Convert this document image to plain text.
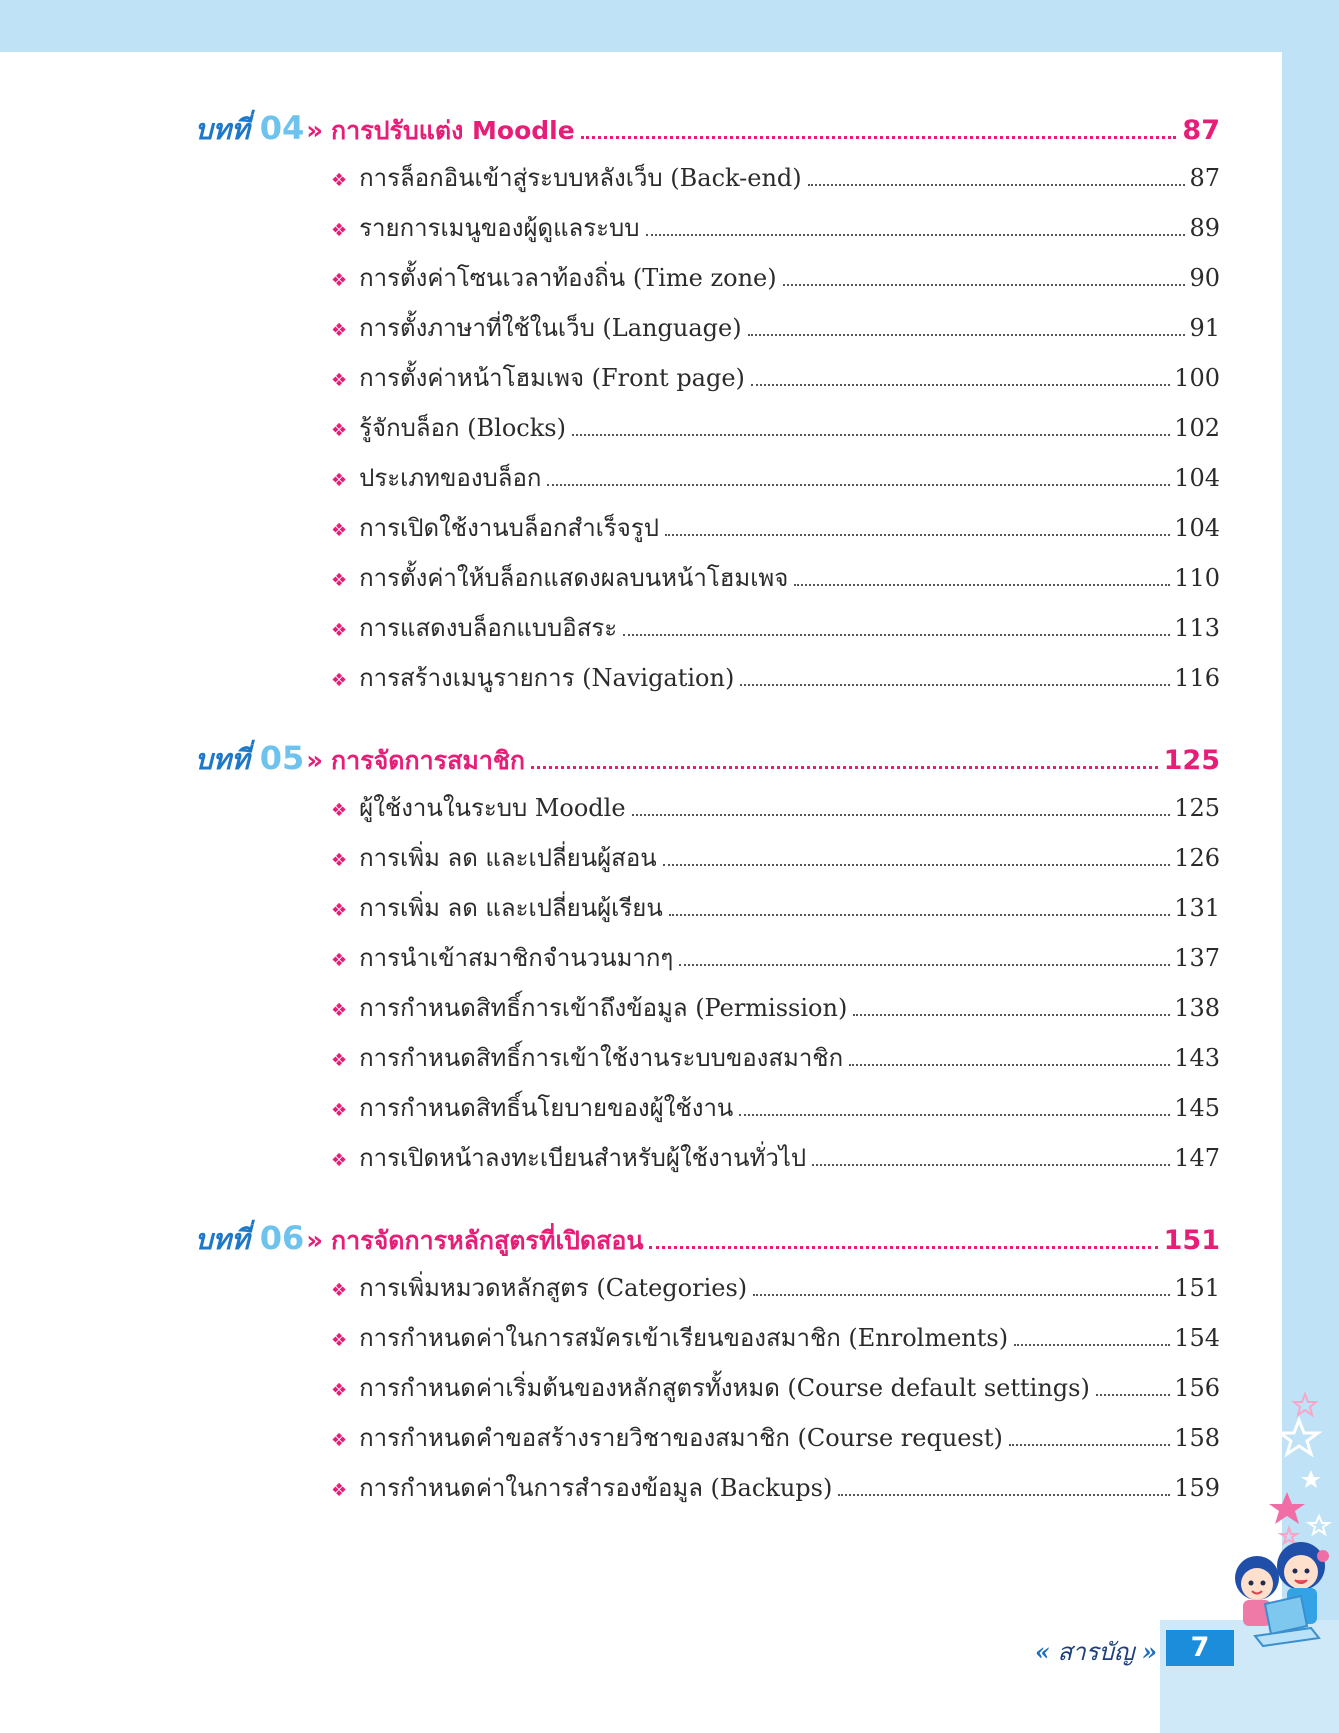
บทที่ 04 » การปรับแต่ง Moodle	87
❖ การล็อกอินเข้าสู่ระบบหลังเว็บ (Back-end)	87
❖ รายการเมนูของผู้ดูแลระบบ	89
❖ การตั้งค่าโซนเวลาท้องถิ่น (Time zone)	90
❖ การตั้งภาษาที่ใช้ในเว็บ (Language)	91
❖ การตั้งค่าหน้าโฮมเพจ (Front page)	100
❖ รู้จักบล็อก (Blocks)	102
❖ ประเภทของบล็อก	104
❖ การเปิดใช้งานบล็อกสำเร็จรูป	104
❖ การตั้งค่าให้บล็อกแสดงผลบนหน้าโฮมเพจ	110
❖ การแสดงบล็อกแบบอิสระ	113
❖ การสร้างเมนูรายการ (Navigation)	116
บทที่ 05 » การจัดการสมาชิก	125
❖ ผู้ใช้งานในระบบ Moodle	125
❖ การเพิ่ม ลด และเปลี่ยนผู้สอน	126
❖ การเพิ่ม ลด และเปลี่ยนผู้เรียน	131
❖ การนำเข้าสมาชิกจำนวนมากๆ	137
❖ การกำหนดสิทธิ์การเข้าถึงข้อมูล (Permission)	138
❖ การกำหนดสิทธิ์การเข้าใช้งานระบบของสมาชิก	143
❖ การกำหนดสิทธิ์นโยบายของผู้ใช้งาน	145
❖ การเปิดหน้าลงทะเบียนสำหรับผู้ใช้งานทั่วไป	147
บทที่ 06 » การจัดการหลักสูตรที่เปิดสอน	151
❖ การเพิ่มหมวดหลักสูตร (Categories)	151
❖ การกำหนดค่าในการสมัครเข้าเรียนของสมาชิก (Enrolments)	154
❖ การกำหนดค่าเริ่มต้นของหลักสูตรทั้งหมด (Course default settings)	156
❖ การกำหนดคำขอสร้างรายวิชาของสมาชิก (Course request)	158
❖ การกำหนดค่าในการสำรองข้อมูล (Backups)	159
« สารบัญ »	7
